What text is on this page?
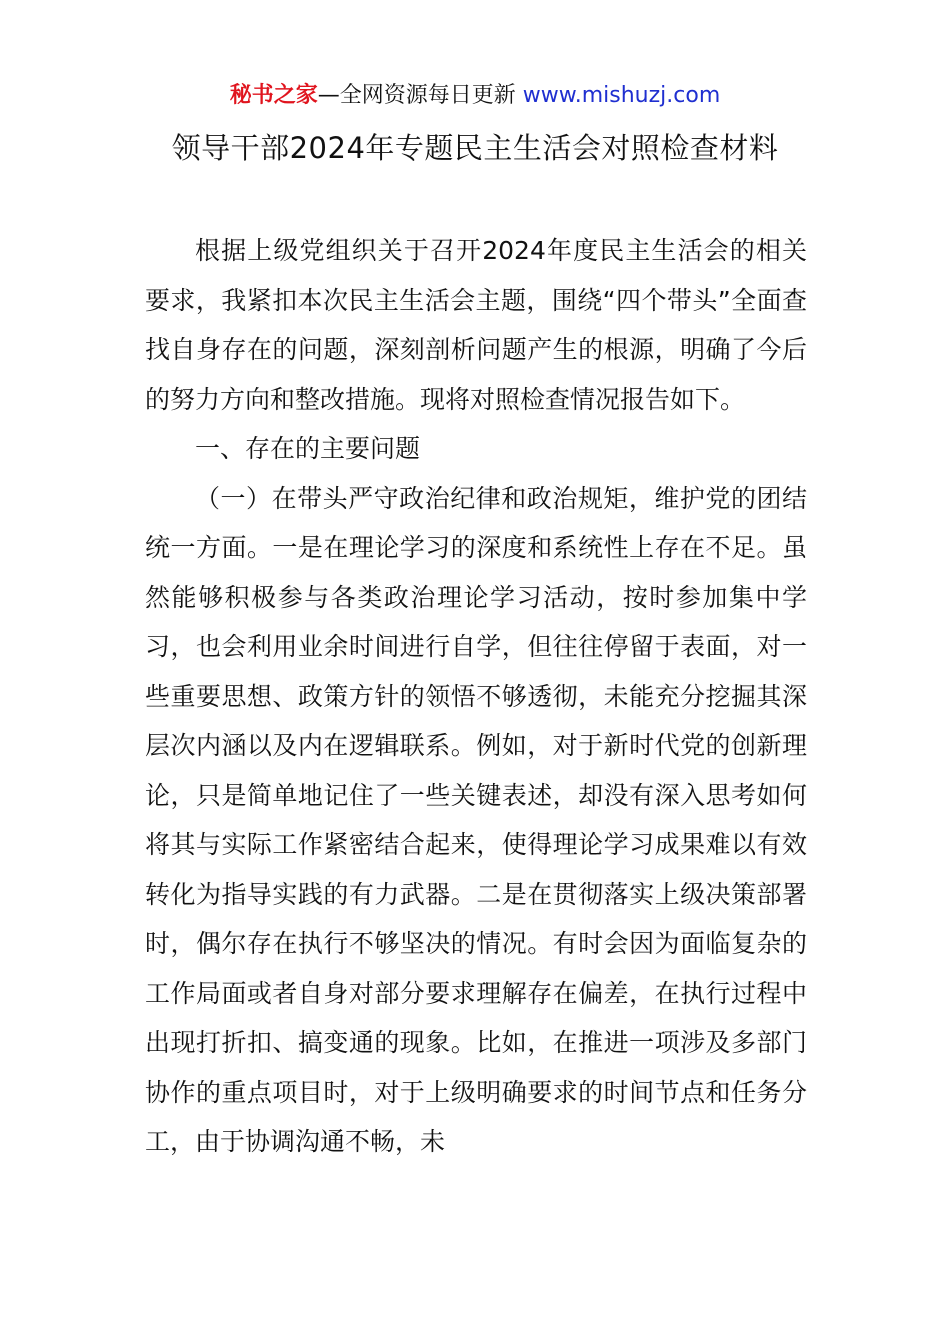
秘书之家—全网资源每日更新 www.mishuzj.com
领导干部2024年专题民主生活会对照检查材料

根据上级党组织关于召开2024年度民主生活会的相关要求，我紧扣本次民主生活会主题，围绕“四个带头”全面查找自身存在的问题，深刻剖析问题产生的根源，明确了今后的努力方向和整改措施。现将对照检查情况报告如下。

一、存在的主要问题

（一）在带头严守政治纪律和政治规矩，维护党的团结统一方面。一是在理论学习的深度和系统性上存在不足。虽然能够积极参与各类政治理论学习活动，按时参加集中学习，也会利用业余时间进行自学，但往往停留于表面，对一些重要思想、政策方针的领悟不够透彻，未能充分挖掘其深层次内涵以及内在逻辑联系。例如，对于新时代党的创新理论，只是简单地记住了一些关键表述，却没有深入思考如何将其与实际工作紧密结合起来，使得理论学习成果难以有效转化为指导实践的有力武器。二是在贯彻落实上级决策部署时，偶尔存在执行不够坚决的情况。有时会因为面临复杂的工作局面或者自身对部分要求理解存在偏差，在执行过程中出现打折扣、搞变通的现象。比如，在推进一项涉及多部门协作的重点项目时，对于上级明确要求的时间节点和任务分工，由于协调沟通不畅，未
